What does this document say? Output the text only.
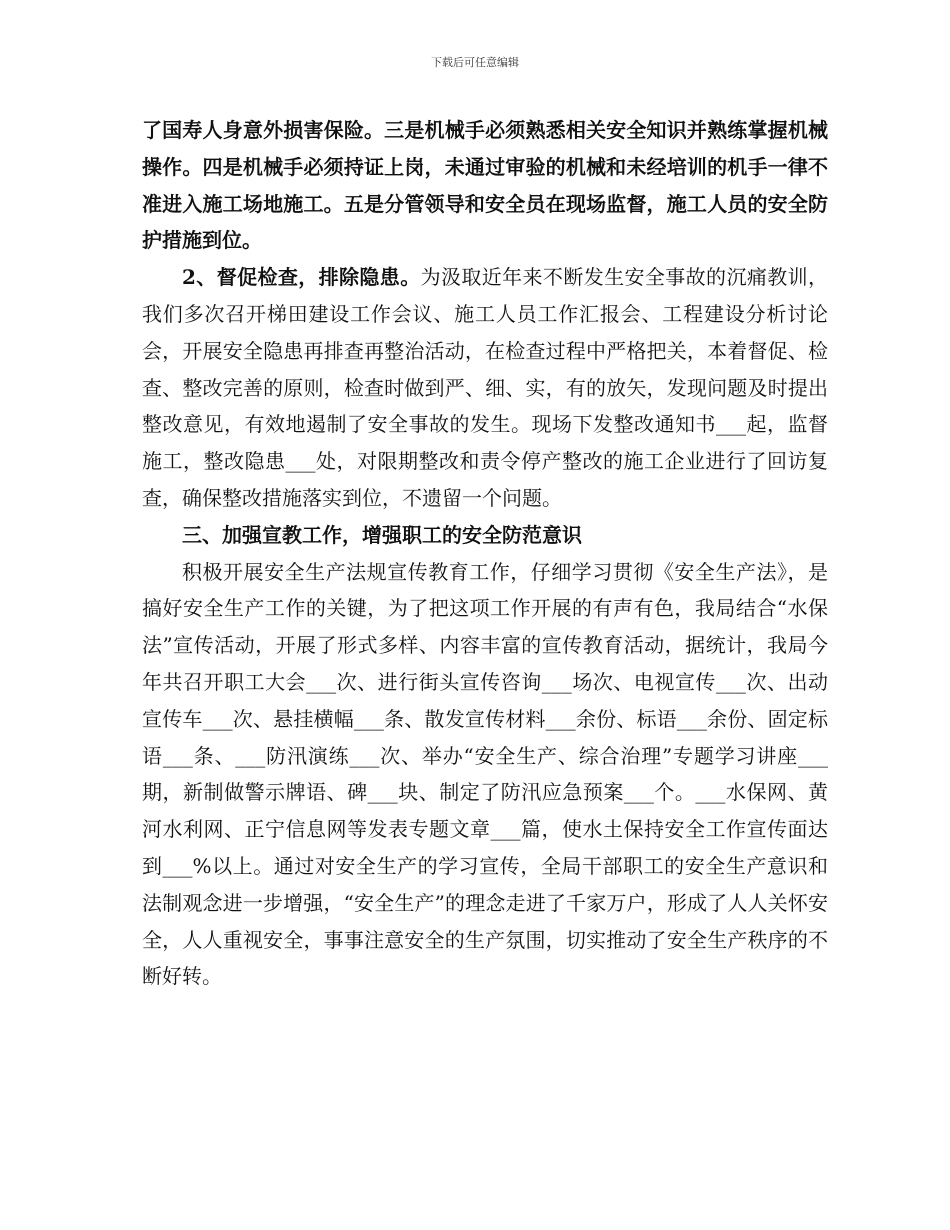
下载后可任意编辑

了国寿人身意外损害保险。三是机械手必须熟悉相关安全知识并熟练掌握机械操作。四是机械手必须持证上岗，未通过审验的机械和未经培训的机手一律不准进入施工场地施工。五是分管领导和安全员在现场监督，施工人员的安全防护措施到位。

2、督促检查，排除隐患。为汲取近年来不断发生安全事故的沉痛教训，我们多次召开梯田建设工作会议、施工人员工作汇报会、工程建设分析讨论会，开展安全隐患再排查再整治活动，在检查过程中严格把关，本着督促、检查、整改完善的原则，检查时做到严、细、实，有的放矢，发现问题及时提出整改意见，有效地遏制了安全事故的发生。现场下发整改通知书___起，监督施工，整改隐患___处，对限期整改和责令停产整改的施工企业进行了回访复查，确保整改措施落实到位，不遗留一个问题。

三、加强宣教工作，增强职工的安全防范意识

积极开展安全生产法规宣传教育工作，仔细学习贯彻《安全生产法》，是搞好安全生产工作的关键，为了把这项工作开展的有声有色，我局结合“水保法”宣传活动，开展了形式多样、内容丰富的宣传教育活动，据统计，我局今年共召开职工大会___次、进行街头宣传咨询___场次、电视宣传___次、出动宣传车___次、悬挂横幅___条、散发宣传材料___余份、标语___余份、固定标语___条、___防汛演练___次、举办“安全生产、综合治理”专题学习讲座___期，新制做警示牌语、碑___块、制定了防汛应急预案___个。___水保网、黄河水利网、正宁信息网等发表专题文章___篇，使水土保持安全工作宣传面达到___%以上。通过对安全生产的学习宣传，全局干部职工的安全生产意识和法制观念进一步增强，“安全生产”的理念走进了千家万户，形成了人人关怀安全，人人重视安全，事事注意安全的生产氛围，切实推动了安全生产秩序的不断好转。
